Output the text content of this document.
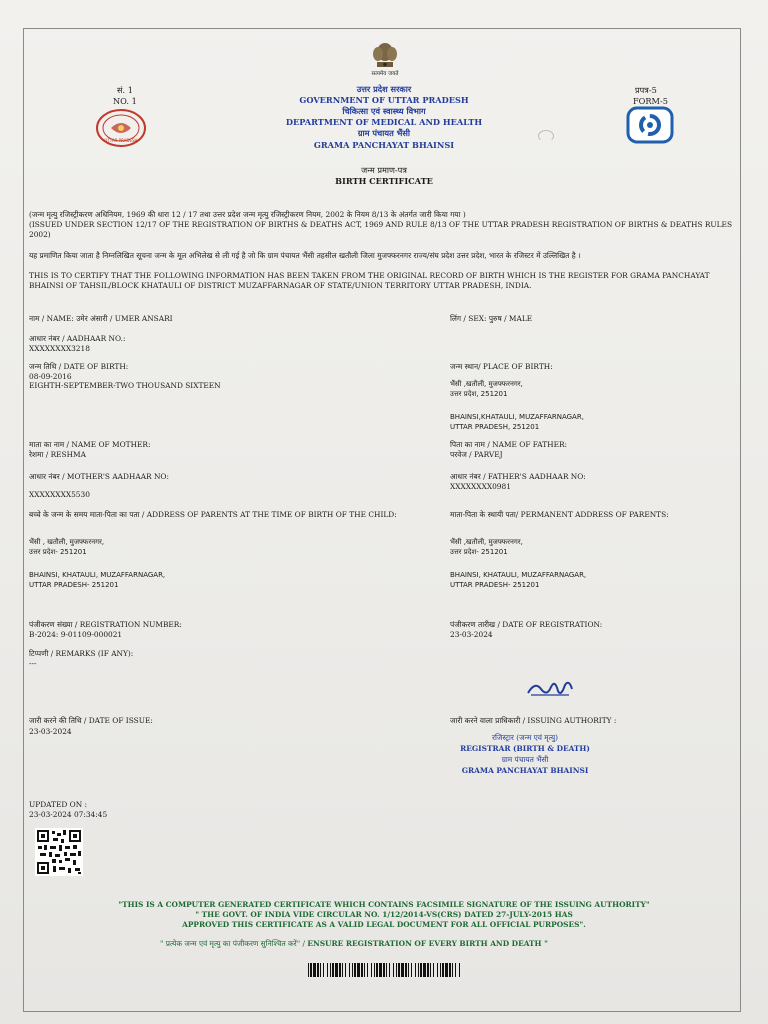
सत्यमेव जयते
सं. 1
NO. 1
UTTAR PRADESH
प्रपत्र-5
FORM-5
उत्तर प्रदेश सरकार
GOVERNMENT OF UTTAR PRADESH
चिकित्सा एवं स्वास्थ्य विभाग
DEPARTMENT OF MEDICAL AND HEALTH
ग्राम पंचायत भैंसी
GRAMA PANCHAYAT BHAINSI
जन्म प्रमाण-पत्र
BIRTH CERTIFICATE
(जन्म मृत्यु रजिस्ट्रीकरण अधिनियम, 1969 की धारा 12 / 17 तथा उत्तर प्रदेश जन्म मृत्यु रजिस्ट्रीकरण नियम, 2002 के नियम 8/13 के अंतर्गत जारी किया गया )
(ISSUED UNDER SECTION 12/17 OF THE REGISTRATION OF BIRTHS & DEATHS ACT, 1969 AND RULE 8/13 OF THE UTTAR PRADESH REGISTRATION OF BIRTHS & DEATHS RULES 2002)
यह प्रमाणित किया जाता है निम्नलिखित सूचना जन्म के मूल अभिलेख से ली गई है जो कि ग्राम पंचायत भैंसी तहसील खतौली जिला मुजफ्फरनगर राज्य/संघ प्रदेश उत्तर प्रदेश, भारत के रजिस्टर में उल्लिखित है ।
THIS IS TO CERTIFY THAT THE FOLLOWING INFORMATION HAS BEEN TAKEN FROM THE ORIGINAL RECORD OF BIRTH WHICH IS THE REGISTER FOR GRAMA PANCHAYAT BHAINSI OF TAHSIL/BLOCK KHATAULI OF DISTRICT MUZAFFARNAGAR OF STATE/UNION TERRITORY UTTAR PRADESH, INDIA.
नाम / NAME: उमेर अंसारी / UMER ANSARI
आधार नंबर / AADHAAR NO.:
XXXXXXXX3218
जन्म तिथि / DATE OF BIRTH:
08-09-2016
EIGHTH-SEPTEMBER-TWO THOUSAND SIXTEEN
माता का नाम / NAME OF MOTHER:
रेशमा / RESHMA
आधार नंबर / MOTHER'S AADHAAR NO:
XXXXXXXX5530
बच्चे के जन्म के समय माता-पिता का पता / ADDRESS OF PARENTS AT THE TIME OF BIRTH OF THE CHILD:
भैंसी , खतौली, मुजफ्फरनगर,
उत्तर प्रदेश- 251201
BHAINSI, KHATAULI, MUZAFFARNAGAR,
UTTAR PRADESH- 251201
पंजीकरण संख्या / REGISTRATION NUMBER:
B-2024: 9-01109-000021
टिप्पणी / REMARKS (IF ANY):
---
जारी करने की तिथि / DATE OF ISSUE:
23-03-2024
UPDATED ON :
23-03-2024 07:34:45
लिंग / SEX: पुरुष / MALE
जन्म स्थान/ PLACE OF BIRTH:
भैंसी ,खतौली, मुजफ्फरनगर,
उत्तर प्रदेश, 251201
BHAINSI,KHATAULI, MUZAFFARNAGAR,
UTTAR PRADESH, 251201
पिता का नाम / NAME OF FATHER:
परवेज / PARVEJ
आधार नंबर / FATHER'S AADHAAR NO:
XXXXXXXX0981
माता-पिता के स्थायी पता/ PERMANENT ADDRESS OF PARENTS:
भैंसी ,खतौली, मुजफ्फरनगर,
उत्तर प्रदेश- 251201
BHAINSI, KHATAULI, MUZAFFARNAGAR,
UTTAR PRADESH- 251201
पंजीकरण तारीख / DATE OF REGISTRATION:
23-03-2024
जारी करने वाला प्राधिकारी / ISSUING AUTHORITY :
रजिस्ट्रार (जन्म एवं मृत्यु)
REGISTRAR (BIRTH & DEATH)
ग्राम पंचायत भैंसी
GRAMA PANCHAYAT BHAINSI
"THIS IS A COMPUTER GENERATED CERTIFICATE WHICH CONTAINS FACSIMILE SIGNATURE OF THE ISSUING AUTHORITY"
" THE GOVT. OF INDIA VIDE CIRCULAR NO. 1/12/2014-VS(CRS) DATED 27-JULY-2015 HAS
APPROVED THIS CERTIFICATE AS A VALID LEGAL DOCUMENT FOR ALL OFFICIAL PURPOSES".
" प्रत्येक जन्म एवं मृत्यु का पंजीकरण सुनिश्चित करें" / ENSURE REGISTRATION OF EVERY BIRTH AND DEATH "
